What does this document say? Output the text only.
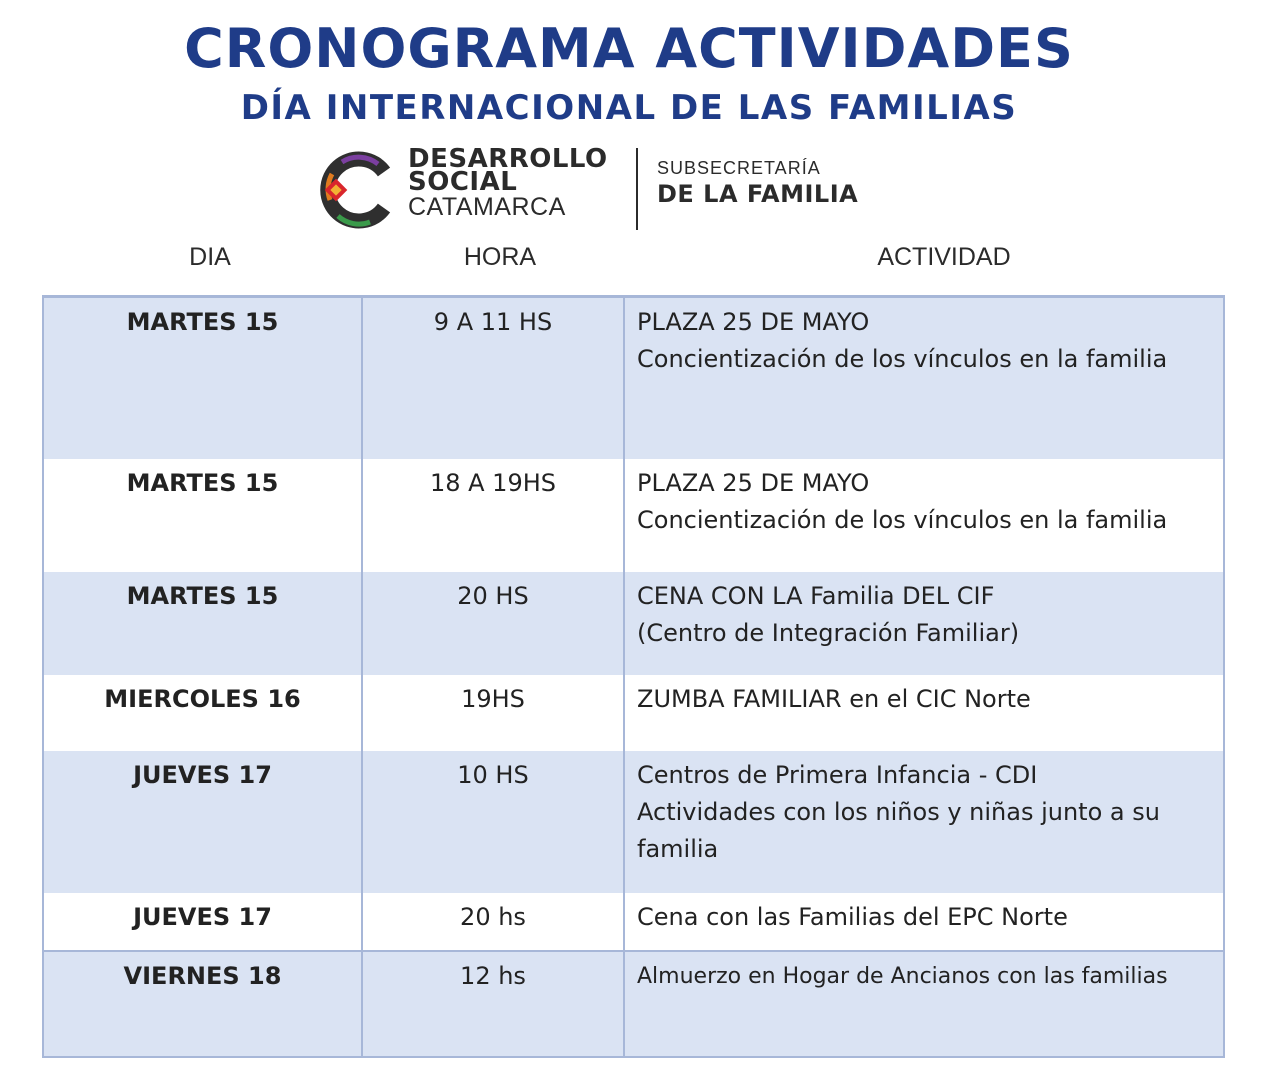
CRONOGRAMA ACTIVIDADES
DÍA INTERNACIONAL DE LAS FAMILIAS
DESARROLLO
SOCIAL
CATAMARCA
SUBSECRETARÍA
DE LA FAMILIA
DIA	HORA	ACTIVIDAD
MARTES 15	9 A 11 HS	PLAZA 25 DE MAYO
Concientización de los vínculos en la familia

MARTES 15	18 A 19HS	PLAZA 25 DE MAYO
Concientización de los vínculos en la familia

MARTES 15	20 HS	CENA CON LA Familia DEL CIF
(Centro de Integración Familiar)

MIERCOLES 16	19HS	ZUMBA FAMILIAR en el CIC Norte

JUEVES 17	10 HS	Centros de Primera Infancia - CDI
Actividades con los niños y niñas junto a su familia

JUEVES 17	20 hs	Cena con las Familias del EPC Norte

VIERNES 18	12 hs	Almuerzo en Hogar de Ancianos con las familias
